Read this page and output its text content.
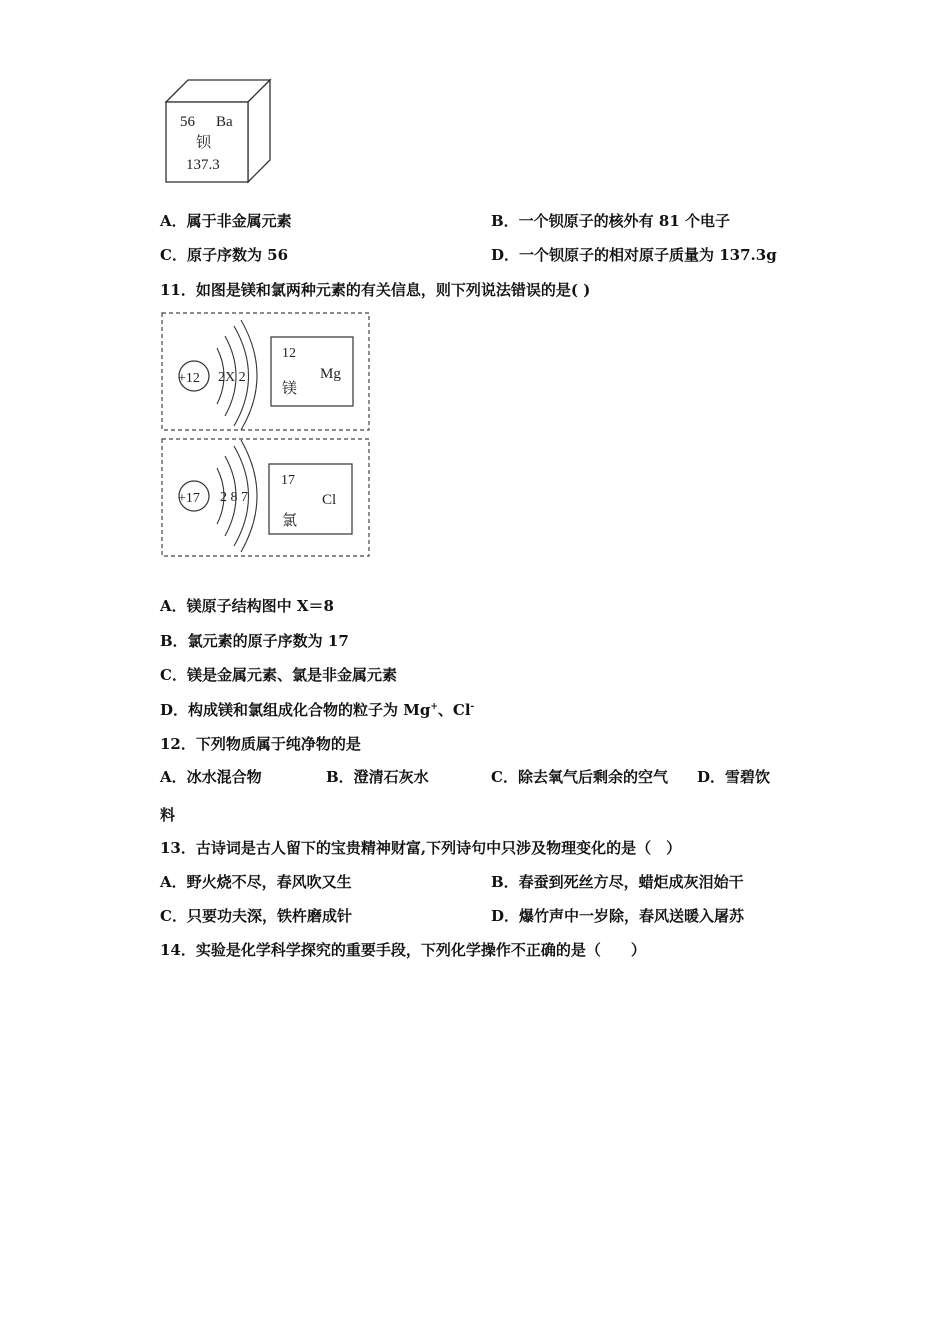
56 Ba
钡
137.3
A．属于非金属元素	B．一个钡原子的核外有 81 个电子
C．原子序数为 56	D．一个钡原子的相对原子质量为 137.3g
11．如图是镁和氯两种元素的有关信息，则下列说法错误的是( )
+12 2X 2
12
Mg
镁
+17 2 8 7
17
Cl
氯
A．镁原子结构图中 X＝8
B．氯元素的原子序数为 17
C．镁是金属元素、氯是非金属元素
D．构成镁和氯组成化合物的粒子为 Mg+、Cl-
12．下列物质属于纯净物的是
A．冰水混合物	B．澄清石灰水	C．除去氧气后剩余的空气 D．雪碧饮
料
13．古诗词是古人留下的宝贵精神财富,下列诗句中只涉及物理变化的是（　）
A．野火烧不尽，春风吹又生	B．春蚕到死丝方尽，蜡炬成灰泪始干
C．只要功夫深，铁杵磨成针	D．爆竹声中一岁除，春风送暖入屠苏
14．实验是化学科学探究的重要手段，下列化学操作不正确的是（　　）
